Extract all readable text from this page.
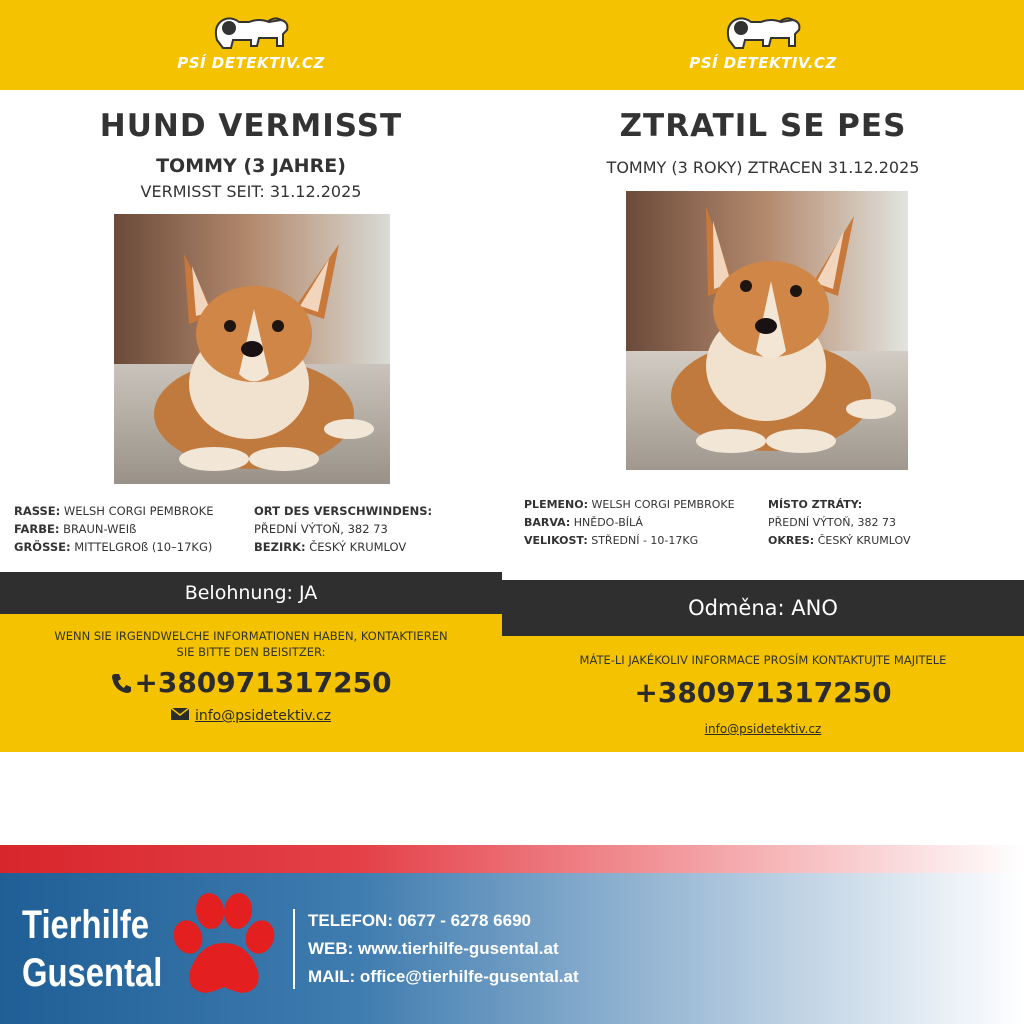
PSÍ DETEKTIV.CZ
HUND VERMISST
TOMMY (3 JAHRE)
VERMISST SEIT: 31.12.2025
RASSE: WELSH CORGI PEMBROKE
FARBE: BRAUN-WEIß
GRÖSSE: MITTELGROß (10–17KG)
ORT DES VERSCHWINDENS:
PŘEDNÍ VÝTOŇ, 382 73
BEZIRK: ČESKÝ KRUMLOV
Belohnung: JA
WENN SIE IRGENDWELCHE INFORMATIONEN HABEN, KONTAKTIEREN
SIE BITTE DEN BEISITZER:
+380971317250
info@psidetektiv.cz
PSÍ DETEKTIV.CZ
ZTRATIL SE PES
TOMMY (3 ROKY) ZTRACEN 31.12.2025
PLEMENO: WELSH CORGI PEMBROKE
BARVA: HNĚDO-BÍLÁ
VELIKOST: STŘEDNÍ - 10-17KG
MÍSTO ZTRÁTY:
PŘEDNÍ VÝTOŇ, 382 73
OKRES: ČESKÝ KRUMLOV
Odměna: ANO
MÁTE-LI JAKÉKOLIV INFORMACE PROSÍM KONTAKTUJTE MAJITELE
+380971317250
info@psidetektiv.cz
Tierhilfe
Gusental
TELEFON: 0677 - 6278 6690
WEB: www.tierhilfe-gusental.at
MAIL: office@tierhilfe-gusental.at
